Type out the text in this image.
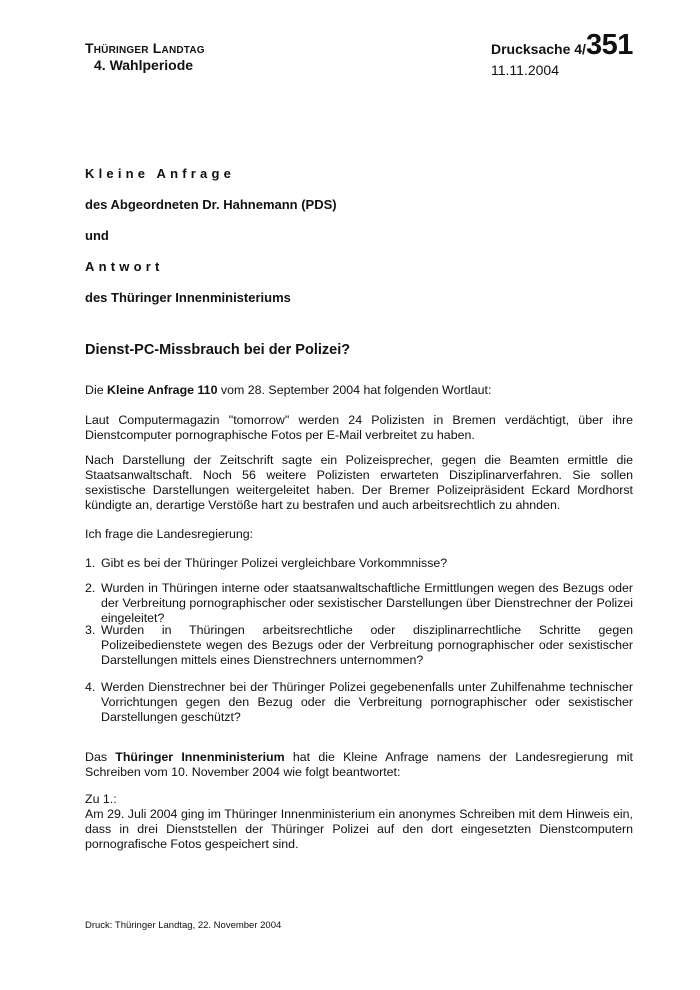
Thüringer Landtag
4. Wahlperiode
Drucksache 4/351
11.11.2004
Kleine Anfrage
des Abgeordneten Dr. Hahnemann (PDS)
und
Antwort
des Thüringer Innenministeriums
Dienst-PC-Missbrauch bei der Polizei?
Die Kleine Anfrage 110 vom 28. September 2004 hat folgenden Wortlaut:
Laut Computermagazin "tomorrow" werden 24 Polizisten in Bremen verdächtigt, über ihre Dienstcomputer pornographische Fotos per E-Mail verbreitet zu haben.
Nach Darstellung der Zeitschrift sagte ein Polizeisprecher, gegen die Beamten ermittle die Staatsanwaltschaft. Noch 56 weitere Polizisten erwarteten Disziplinarverfahren. Sie sollen sexistische Darstellungen weitergeleitet haben. Der Bremer Polizeipräsident Eckard Mordhorst kündigte an, derartige Verstöße hart zu bestrafen und auch arbeitsrechtlich zu ahnden.
Ich frage die Landesregierung:
1. Gibt es bei der Thüringer Polizei vergleichbare Vorkommnisse?
2. Wurden in Thüringen interne oder staatsanwaltschaftliche Ermittlungen wegen des Bezugs oder der Verbreitung pornographischer oder sexistischer Darstellungen über Dienstrechner der Polizei eingeleitet?
3. Wurden in Thüringen arbeitsrechtliche oder disziplinarrechtliche Schritte gegen Polizeibedienstete wegen des Bezugs oder der Verbreitung pornographischer oder sexistischer Darstellungen mittels eines Dienstrechners unternommen?
4. Werden Dienstrechner bei der Thüringer Polizei gegebenenfalls unter Zuhilfenahme technischer Vorrichtungen gegen den Bezug oder die Verbreitung pornographischer oder sexistischer Darstellungen geschützt?
Das Thüringer Innenministerium hat die Kleine Anfrage namens der Landesregierung mit Schreiben vom 10. November 2004 wie folgt beantwortet:
Zu 1.:
Am 29. Juli 2004 ging im Thüringer Innenministerium ein anonymes Schreiben mit dem Hinweis ein, dass in drei Dienststellen der Thüringer Polizei auf den dort eingesetzten Dienstcomputern pornografische Fotos gespeichert sind.
Druck: Thüringer Landtag, 22. November 2004
